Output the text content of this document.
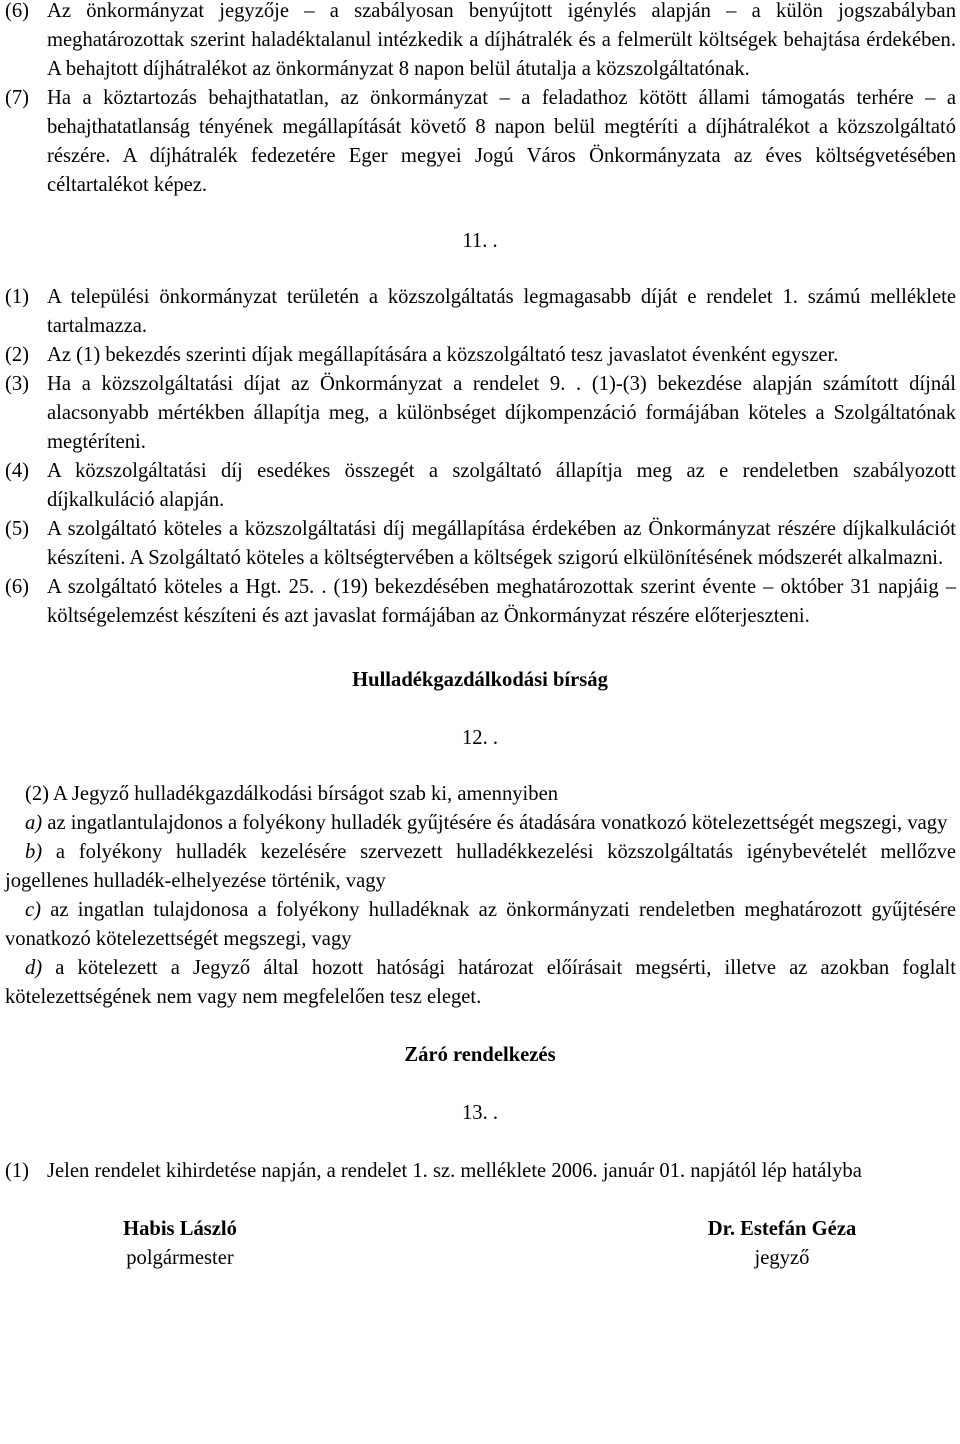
(6) Az önkormányzat jegyzője – a szabályosan benyújtott igénylés alapján – a külön jogszabályban meghatározottak szerint haladéktalanul intézkedik a díjhátralék és a felmerült költségek behajtása érdekében. A behajtott díjhátralékot az önkormányzat 8 napon belül átutalja a közszolgáltatónak.
(7) Ha a köztartozás behajthatatlan, az önkormányzat – a feladathoz kötött állami támogatás terhére – a behajthatatlanság tényének megállapítását követő 8 napon belül megtéríti a díjhátralékot a közszolgáltató részére. A díjhátralék fedezetére Eger megyei Jogú Város Önkormányzata az éves költségvetésében céltartalékot képez.
11. .
(1) A települési önkormányzat területén a közszolgáltatás legmagasabb díját e rendelet 1. számú melléklete tartalmazza.
(2) Az (1) bekezdés szerinti díjak megállapítására a közszolgáltató tesz javaslatot évenként egyszer.
(3) Ha a közszolgáltatási díjat az Önkormányzat a rendelet 9. . (1)-(3) bekezdése alapján számított díjnál alacsonyabb mértékben állapítja meg, a különbséget díjkompenzáció formájában köteles a Szolgáltatónak megtéríteni.
(4) A közszolgáltatási díj esedékes összegét a szolgáltató állapítja meg az e rendeletben szabályozott díjkalkuláció alapján.
(5) A szolgáltató köteles a közszolgáltatási díj megállapítása érdekében az Önkormányzat részére díjkalkulációt készíteni. A Szolgáltató köteles a költségtervében a költségek szigorú elkülönítésének módszerét alkalmazni.
(6) A szolgáltató köteles a Hgt. 25. . (19) bekezdésében meghatározottak szerint évente – október 31 napjáig – költségelemzést készíteni és azt javaslat formájában az Önkormányzat részére előterjeszteni.
Hulladékgazdálkodási bírság
12. .
(2) A Jegyző hulladékgazdálkodási bírságot szab ki, amennyiben
a) az ingatlantulajdonos a folyékony hulladék gyűjtésére és átadására vonatkozó kötelezettségét megszegi, vagy
b) a folyékony hulladék kezelésére szervezett hulladékkezelési közszolgáltatás igénybevételét mellőzve jogellenes hulladék-elhelyezése történik, vagy
c) az ingatlan tulajdonosa a folyékony hulladéknak az önkormányzati rendeletben meghatározott gyűjtésére vonatkozó kötelezettségét megszegi, vagy
d) a kötelezett a Jegyző által hozott hatósági határozat előírásait megsérti, illetve az azokban foglalt kötelezettségének nem vagy nem megfelelően tesz eleget.
Záró rendelkezés
13. .
(1) Jelen rendelet kihirdetése napján, a rendelet 1. sz. melléklete 2006. január 01. napjától lép hatályba
Habis László
polgármester
Dr. Estefán Géza
jegyző
